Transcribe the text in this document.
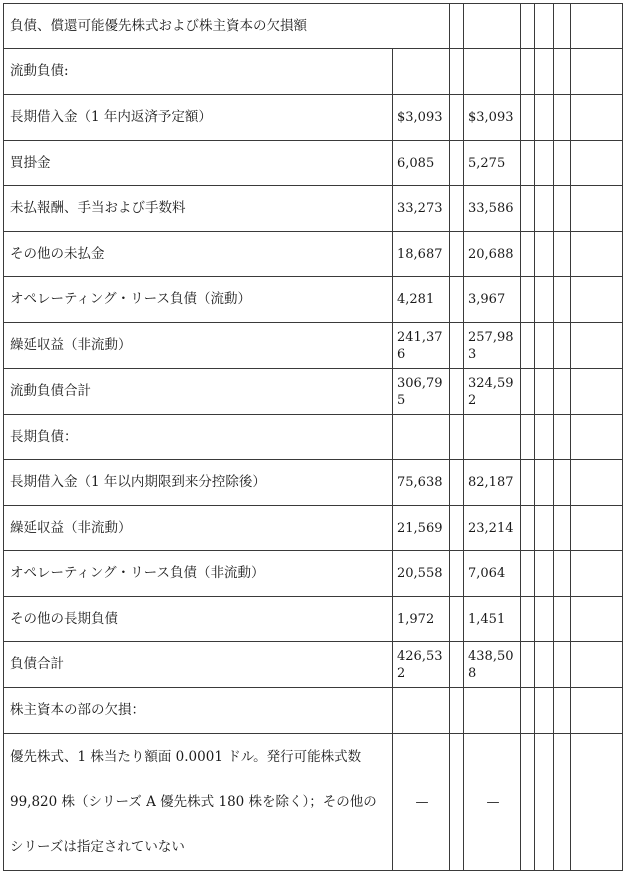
負債、償還可能優先株式および株主資本の欠損額							
流動負債:							
長期借入金（1 年内返済予定額）	$3,093		$3,093				
買掛金	6,085		5,275				
未払報酬、手当および手数料	33,273		33,586				
その他の未払金	18,687		20,688				
オペレーティング・リース負債（流動）	4,281		3,967				
繰延収益（非流動）	241,376		257,983				
流動負債合計	306,795		324,592				
長期負債：							
長期借入金（1 年以内期限到来分控除後）	75,638		82,187				
繰延収益（非流動）	21,569		23,214				
オペレーティング・リース負債（非流動）	20,558		7,064				
その他の長期負債	1,972		1,451				
負債合計	426,532		438,508				
株主資本の部の欠損：							
優先株式、1 株当たり額面 0.0001 ドル。発行可能株式数 99,820 株（シリーズ A 優先株式 180 株を除く）；その他のシリーズは指定されていない	—		—				
